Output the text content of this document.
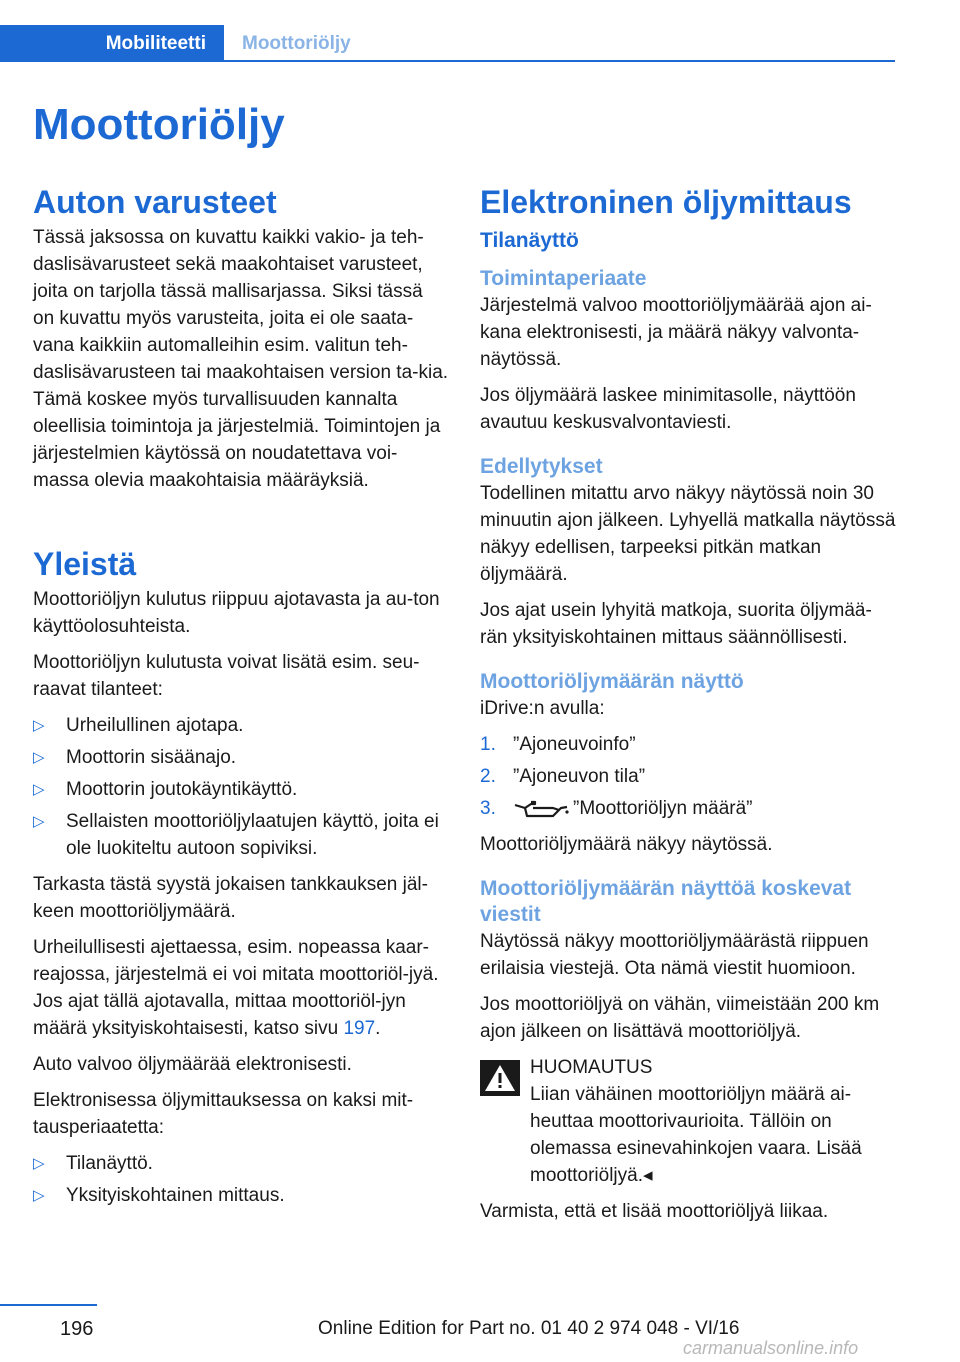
Mobiliteetti	Moottoriöljy
Moottoriöljy
Auton varusteet

Tässä jaksossa on kuvattu kaikki vakio- ja teh-daslisävarusteet sekä maakohtaiset varusteet, joita on tarjolla tässä mallisarjassa. Siksi tässä on kuvattu myös varusteita, joita ei ole saata-vana kaikkiin automalleihin esim. valitun teh-daslisävarusteen tai maakohtaisen version ta-kia. Tämä koskee myös turvallisuuden kannalta oleellisia toimintoja ja järjestelmiä. Toimintojen ja järjestelmien käytössä on noudatettava voi-massa olevia maakohtaisia määräyksiä.

Yleistä

Moottoriöljyn kulutus riippuu ajotavasta ja au-ton käyttöolosuhteista.

Moottoriöljyn kulutusta voivat lisätä esim. seu-raavat tilanteet:

▷ Urheilullinen ajotapa.
▷ Moottorin sisäänajo.
▷ Moottorin joutokäyntikäyttö.
▷ Sellaisten moottoriöljylaatujen käyttö, joita ei ole luokiteltu autoon sopiviksi.

Tarkasta tästä syystä jokaisen tankkauksen jäl-keen moottoriöljymäärä.

Urheilullisesti ajettaessa, esim. nopeassa kaar-reajossa, järjestelmä ei voi mitata moottoriöl-jyä. Jos ajat tällä ajotavalla, mittaa moottoriöl-jyn määrä yksityiskohtaisesti, katso sivu 197.

Auto valvoo öljymäärää elektronisesti.

Elektronisessa öljymittauksessa on kaksi mit-tausperiaatetta:

▷ Tilanäyttö.
▷ Yksityiskohtainen mittaus.
Elektroninen öljymittaus
Tilanäyttö
Toimintaperiaate

Järjestelmä valvoo moottoriöljymäärää ajon ai-kana elektronisesti, ja määrä näkyy valvonta-näytössä.

Jos öljymäärä laskee minimitasolle, näyttöön avautuu keskusvalvontaviesti.

Edellytykset

Todellinen mitattu arvo näkyy näytössä noin 30 minuutin ajon jälkeen. Lyhyellä matkalla näytössä näkyy edellisen, tarpeeksi pitkän matkan öljymäärä.

Jos ajat usein lyhyitä matkoja, suorita öljymää-rän yksityiskohtainen mittaus säännöllisesti.

Moottoriöljymäärän näyttö

iDrive:n avulla:

1. ”Ajoneuvoinfo”
2. ”Ajoneuvon tila”
3.	”Moottoriöljyn määrä”

Moottoriöljymäärä näkyy näytössä.

Moottoriöljymäärän näyttöä koskevat viestit

Näytössä näkyy moottoriöljymäärästä riippuen erilaisia viestejä. Ota nämä viestit huomioon.

Jos moottoriöljyä on vähän, viimeistään 200 km ajon jälkeen on lisättävä moottoriöljyä.

HUOMAUTUS
Liian vähäinen moottoriöljyn määrä ai-heuttaa moottorivaurioita. Tällöin on olemassa esinevahinkojen vaara. Lisää moottoriöljyä.◂

Varmista, että et lisää moottoriöljyä liikaa.

196	Online Edition for Part no. 01 40 2 974 048 - VI/16
carmanualsonline.info
